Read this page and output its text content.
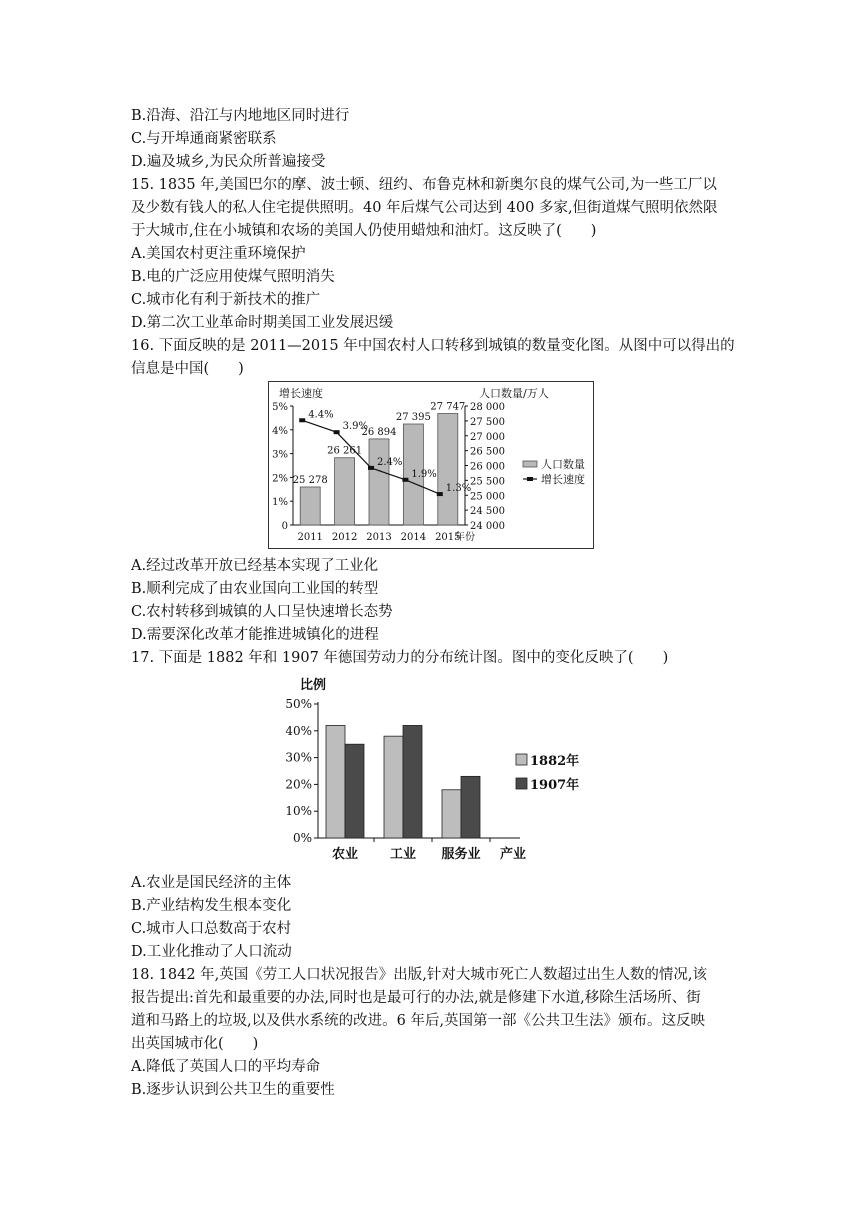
B.沿海、沿江与内地地区同时进行
C.与开埠通商紧密联系
D.遍及城乡,为民众所普遍接受
15. 1835 年,美国巴尔的摩、波士顿、纽约、布鲁克林和新奥尔良的煤气公司,为一些工厂以
及少数有钱人的私人住宅提供照明。40 年后煤气公司达到 400 多家,但街道煤气照明依然限
于大城市,住在小城镇和农场的美国人仍使用蜡烛和油灯。这反映了(　　)
A.美国农村更注重环境保护
B.电的广泛应用使煤气照明消失
C.城市化有利于新技术的推广
D.第二次工业革命时期美国工业发展迟缓
16. 下面反映的是 2011—2015 年中国农村人口转移到城镇的数量变化图。从图中可以得出的
信息是中国(　　)
增长速度	人口数量/万人
0
1%
2%
3%
4%
5%
24 000
24 500
25 000
25 500
26 000
26 500
27 000
27 500
28 000
25 278
2011
26 261
2012
26 894
2013
27 395
2014
27 747
2015
4.4%
3.9%
2.4%
1.9%
1.3%
年份
人口数量
增长速度
A.经过改革开放已经基本实现了工业化
B.顺利完成了由农业国向工业国的转型
C.农村转移到城镇的人口呈快速增长态势
D.需要深化改革才能推进城镇化的进程
17. 下面是 1882 年和 1907 年德国劳动力的分布统计图。图中的变化反映了(　　)
比例
0%
10%
20%
30%
40%
50%
农业 工业 服务业 产业
1882年
1907年
A.农业是国民经济的主体
B.产业结构发生根本变化
C.城市人口总数高于农村
D.工业化推动了人口流动
18. 1842 年,英国《劳工人口状况报告》出版,针对大城市死亡人数超过出生人数的情况,该
报告提出:首先和最重要的办法,同时也是最可行的办法,就是修建下水道,移除生活场所、街
道和马路上的垃圾,以及供水系统的改进。6 年后,英国第一部《公共卫生法》颁布。这反映
出英国城市化(　　)
A.降低了英国人口的平均寿命
B.逐步认识到公共卫生的重要性
